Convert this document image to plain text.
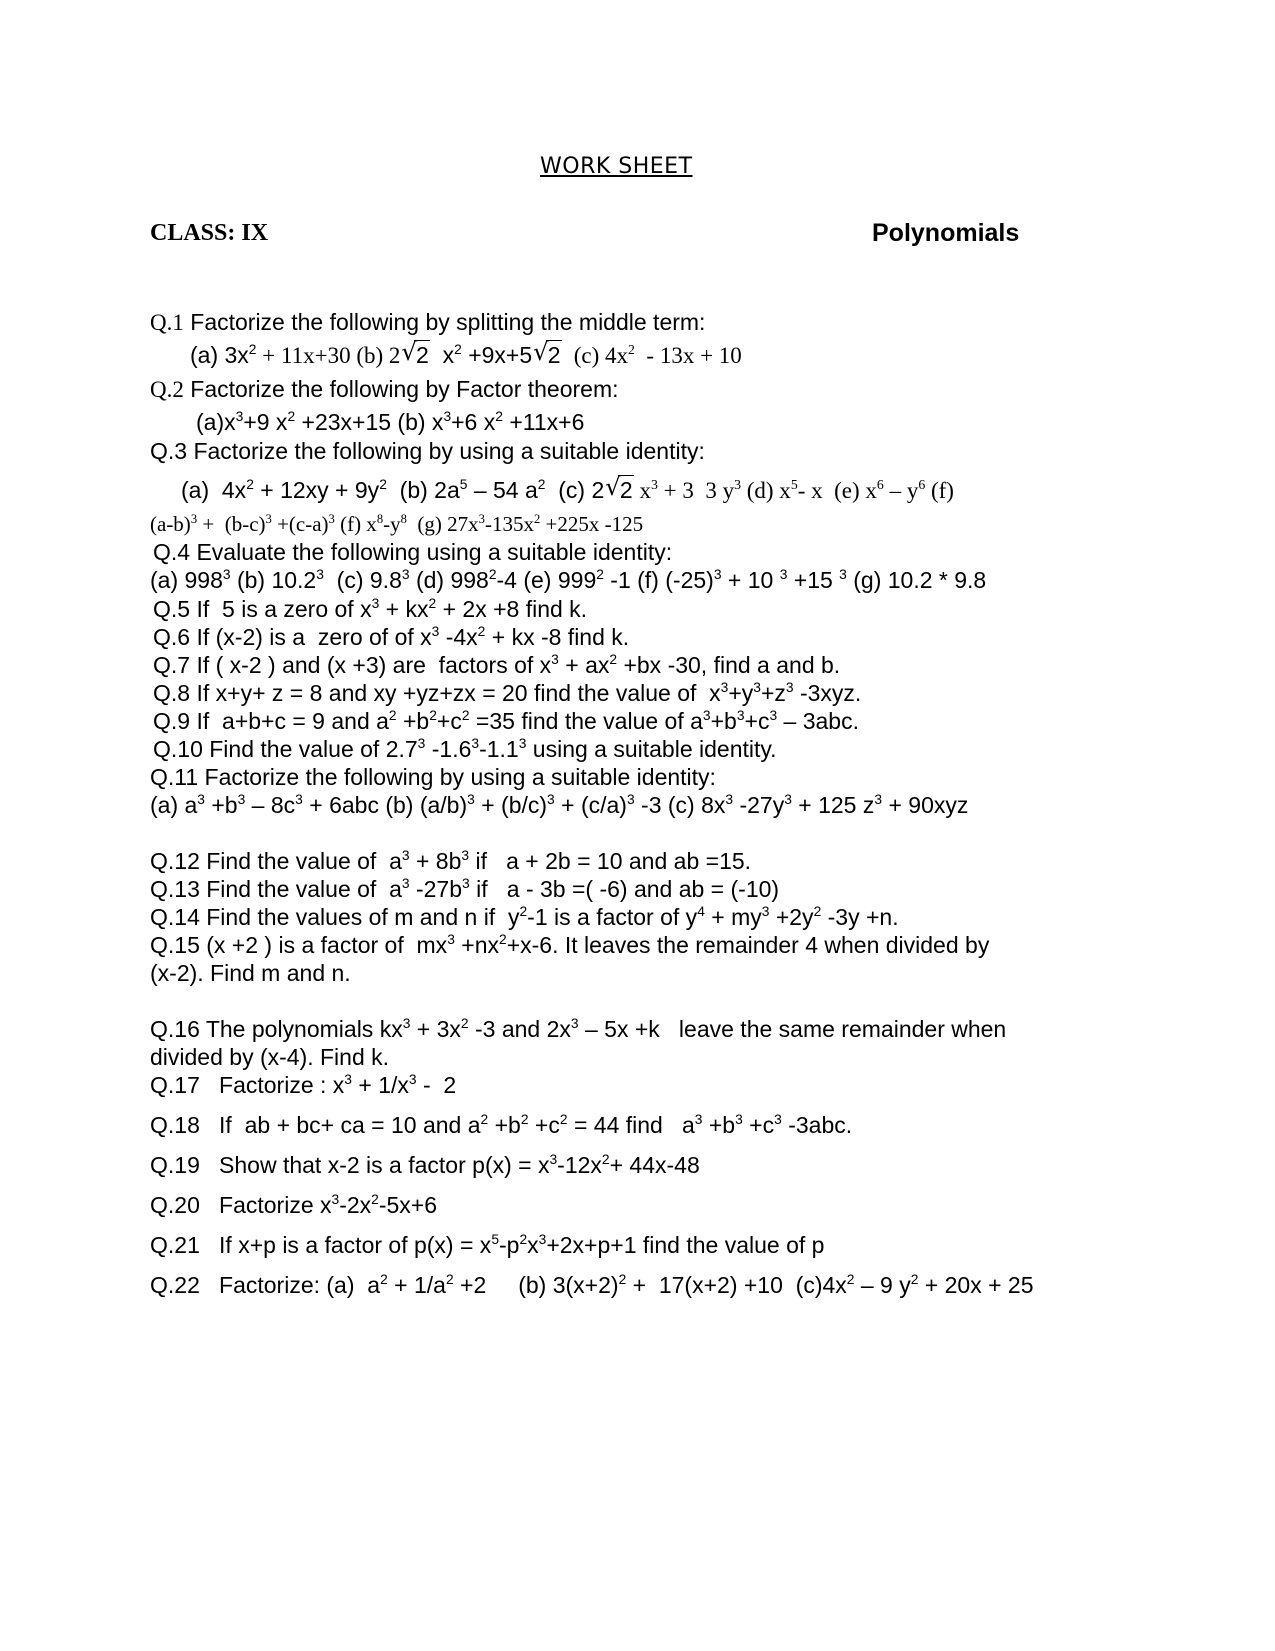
WORK SHEET
CLASS: IX	Polynomials
Q.1 Factorize the following by splitting the middle term:
(a) $3x^2 + 11x+30$ (b) 2 √ 2  $x^2 +9x+5$ √ 2  (c) $4x^2 - 13x + 10$
Q.2 Factorize the following by Factor theorem:
$(a)x^3+9$ $x^2 +23x+15$ (b) $x^3+6$ $x^2 +11x+6$
Q.3 Factorize the following by using a suitable identity:
(a)  $4x^2 + 12xy + 9y^2$  (b) $2a^5 - 54$ $a^2$  (c) 2 √ 2 $x^3 + 3$  3 $y^3$ (d) $x^5-$ x  (e) $x^6 - y^6$ (f)
$(a-b)^3 + (b-c)^3 +(c-a)^3$ (f) $x^8-y^8$  (g) $27x^3-135x^2 +225x$ -125
Q.4 Evaluate the following using a suitable identity:
(a) $998^3$ (b) 10.2$^3$  (c) $9.8^3$ (d) $998^2-4$ (e) $999^2$ -1 (f) $(-25)^3 + 10$ $^3$ +15 $^3$ (g) 10.2 * 9.8
Q.5 If  5 is a zero of $x^3 + kx^2 + 2x +8$ find k.
Q.6 If (x-2) is a  zero of of $x^3$ $-4x^2$ + kx -8 find k.
Q.7 If ( x-2 ) and (x +3) are  factors of $x^3 + ax^2 +bx$ -30, find a and b.
Q.8 If x+y+ z = 8 and xy +yz+zx = 20 find the value of  $x^3+y^3+z^3$ -3xyz.
Q.9 If  a+b+c = 9 and $a^2 +b^2+c^2 =35$ find the value of $a^3+b^3+c^3 - 3abc$.
Q.10 Find the value of $2.7^3$ $-1.6^3-1.1^3$ using a suitable identity.
Q.11 Factorize the following by using a suitable identity:
(a) $a^3 +b^3 - 8c^3 + 6abc$ (b) $(a/b)^3 + (b/c)^3 + (c/a)^3$ -3 (c) $8x^3$ $-27y^3 + 125$ $z^3 + 90xyz$
Q.12 Find the value of  $a^3 + 8b^3$ if   a + 2b = 10 and ab =15.
Q.13 Find the value of  $a^3$ $-27b^3$ if   a - 3b =( -6) and ab = (-10)
Q.14 Find the values of m and n if  $y^2-1$ is a factor of $y^4 + my^3 +2y^2$ -3y +n.
Q.15 (x +2 ) is a factor of  $mx^3 +nx^2+x-6$. It leaves the remainder 4 when divided by
(x-2). Find m and n.
Q.16 The polynomials $kx^3 + 3x^2$ -3 and $2x^3 - 5x +k$   leave the same remainder when
divided by (x-4). Find k.
Q.17   Factorize : $x^3 + 1/x^3 - 2$
Q.18   If  ab + bc+ ca = 10 and $a^2 +b^2 +c^2 = 44$ find   $a^3 +b^3 +c^3$ -3abc.
Q.19   Show that x-2 is a factor $p(x) = x^3-12x^2+ 44x-48$
Q.20   Factorize $x^3-2x^2-5x+6$
Q.21   If x+p is a factor of $p(x) = x^5-p^2x^3+2x+p+1$ find the value of p
Q.22   Factorize: (a)  $a^2 + 1/a^2 +2$     (b) $3(x+2)^2 + 17(x+2) +10$  $(c)4x^2 - 9$ $y^2 + 20x + 25$
